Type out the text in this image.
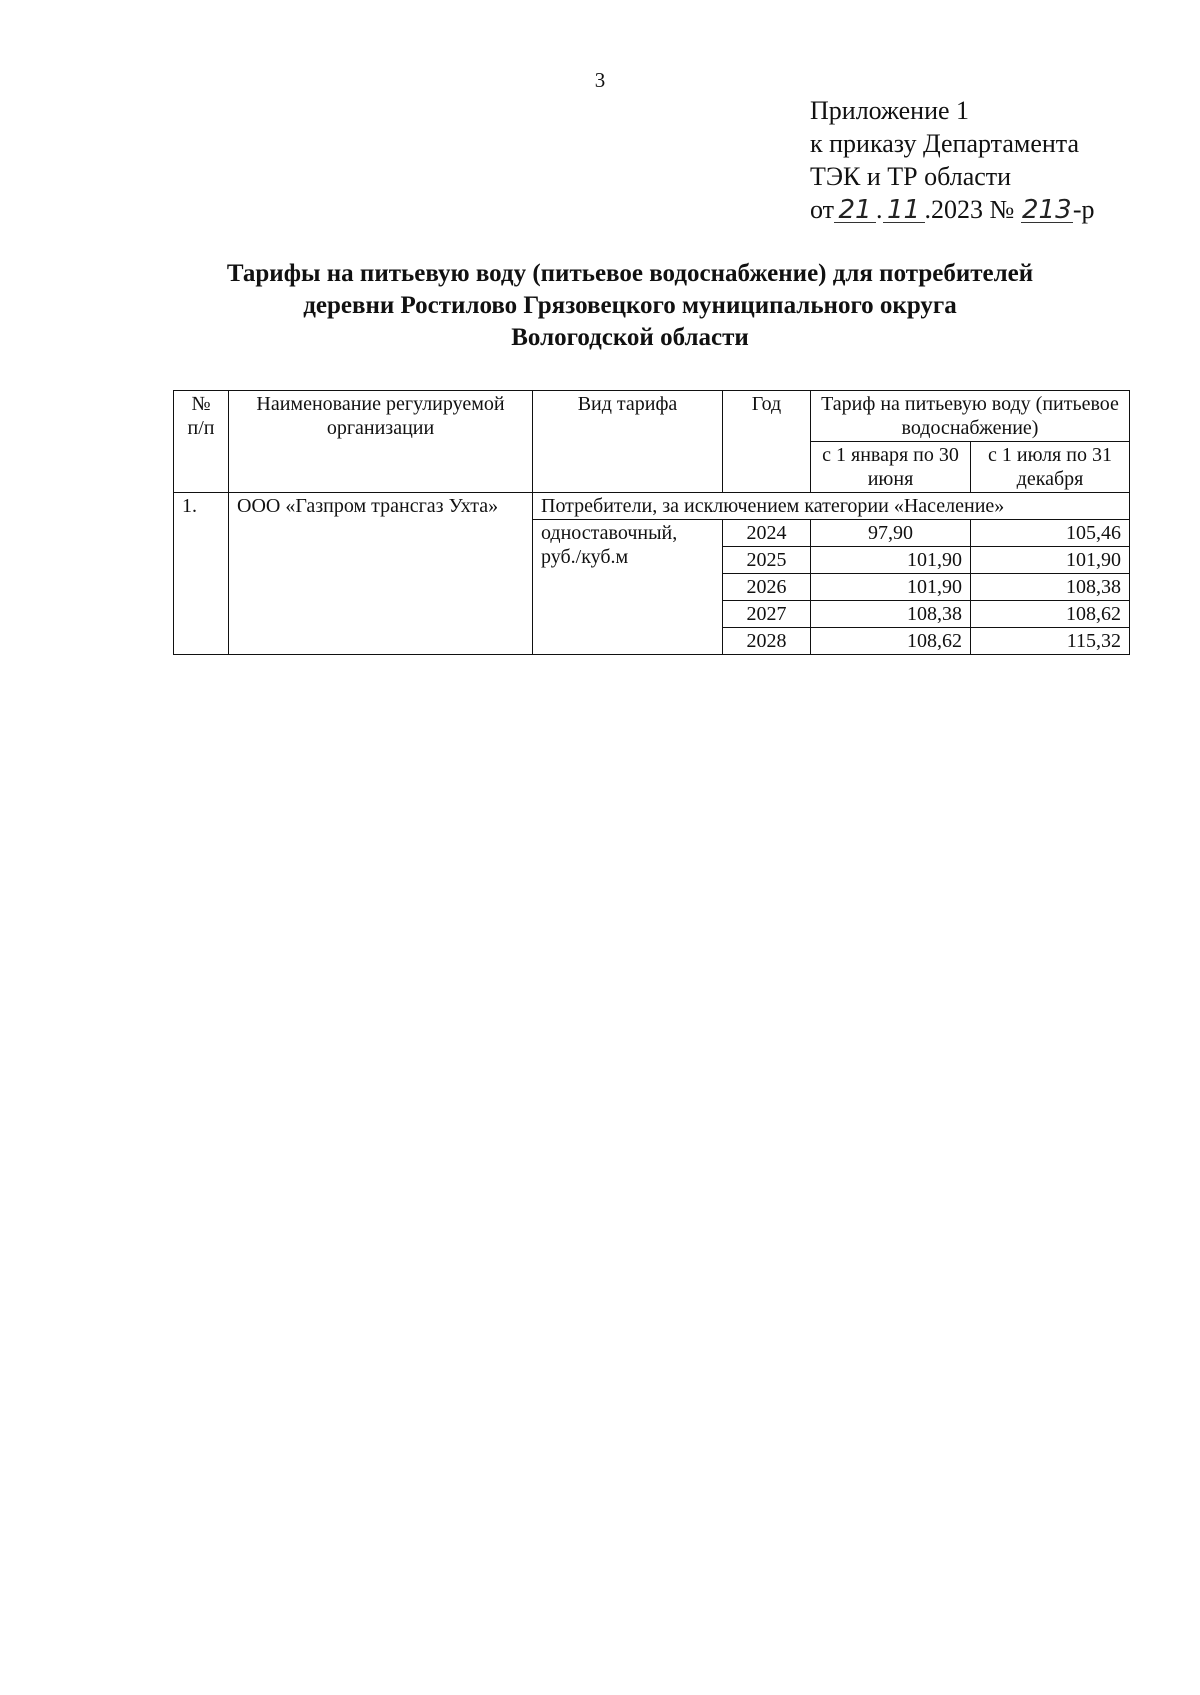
3
Приложение 1
к приказу Департамента
ТЭК и ТР области
от 21 . 11 .2023 № 213-р
Тарифы на питьевую воду (питьевое водоснабжение) для потребителей
деревни Ростилово Грязовецкого муниципального округа
Вологодской области
№ п/п	Наименование регулируемой организации	Вид тарифа	Год	Тариф на питьевую воду (питьевое водоснабжение)	
				с 1 января по 30 июня	с 1 июля по 31 декабря
1.	ООО «Газпром трансгаз Ухта»	Потребители, за исключением категории «Население»			
		одноставочный, руб./куб.м	2024	97,90	105,46
			2025	101,90	101,90
			2026	101,90	108,38
			2027	108,38	108,62
			2028	108,62	115,32
